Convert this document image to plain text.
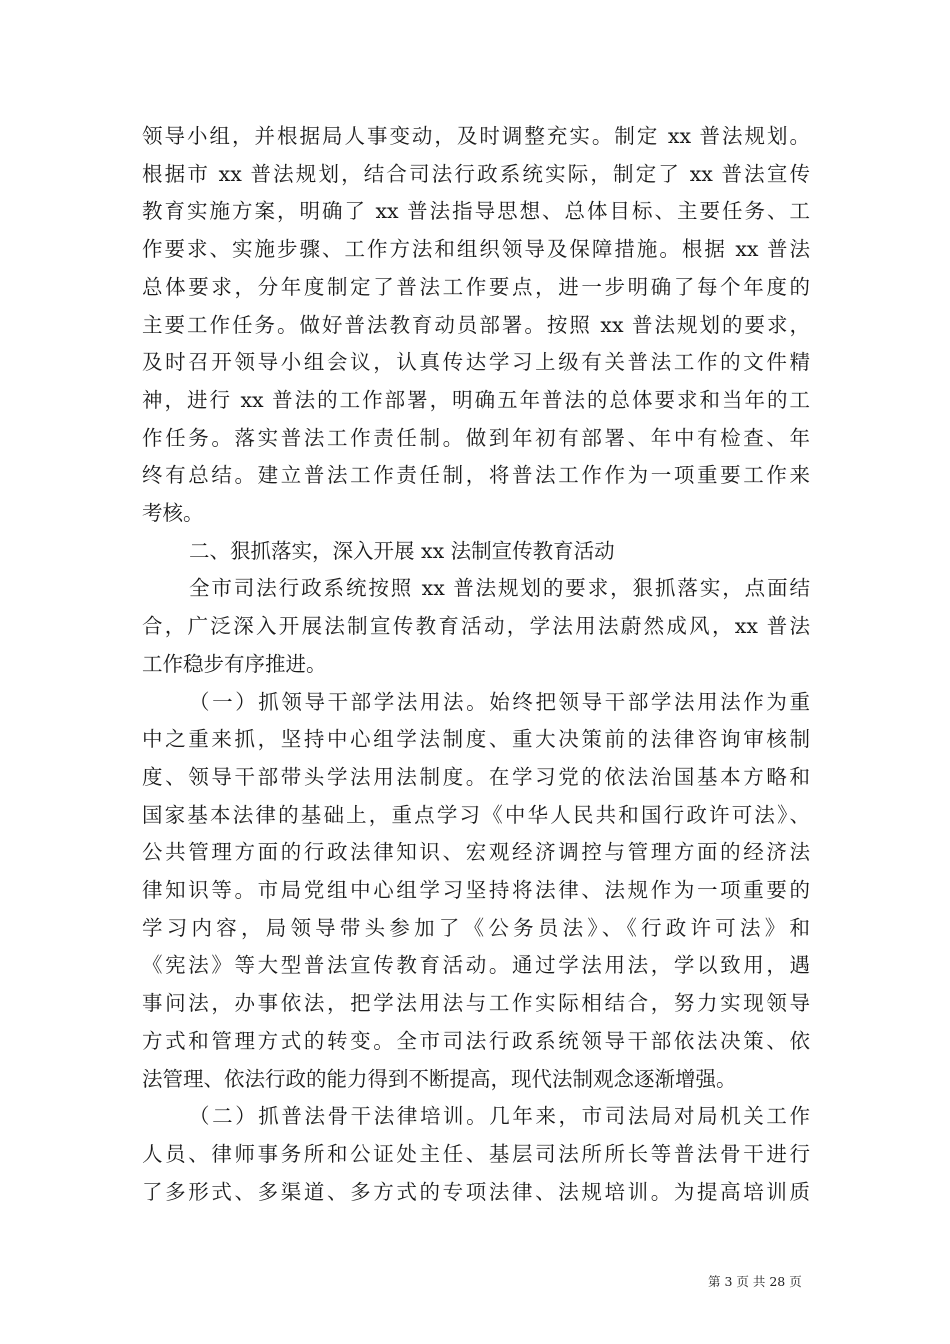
领导小组，并根据局人事变动，及时调整充实。制定 xx 普法规划。
根据市 xx 普法规划，结合司法行政系统实际，制定了 xx 普法宣传
教育实施方案，明确了 xx 普法指导思想、总体目标、主要任务、工
作要求、实施步骤、工作方法和组织领导及保障措施。根据 xx 普法
总体要求，分年度制定了普法工作要点，进一步明确了每个年度的
主要工作任务。做好普法教育动员部署。按照 xx 普法规划的要求，
及时召开领导小组会议，认真传达学习上级有关普法工作的文件精
神，进行 xx 普法的工作部署，明确五年普法的总体要求和当年的工
作任务。落实普法工作责任制。做到年初有部署、年中有检查、年
终有总结。建立普法工作责任制，将普法工作作为一项重要工作来
考核。
二、狠抓落实，深入开展 xx 法制宣传教育活动
全市司法行政系统按照 xx 普法规划的要求，狠抓落实，点面结
合，广泛深入开展法制宣传教育活动，学法用法蔚然成风，xx 普法
工作稳步有序推进。
（一）抓领导干部学法用法。始终把领导干部学法用法作为重
中之重来抓，坚持中心组学法制度、重大决策前的法律咨询审核制
度、领导干部带头学法用法制度。在学习党的依法治国基本方略和
国家基本法律的基础上，重点学习《中华人民共和国行政许可法》、
公共管理方面的行政法律知识、宏观经济调控与管理方面的经济法
律知识等。市局党组中心组学习坚持将法律、法规作为一项重要的
学习内容，局领导带头参加了《公务员法》、《行政许可法》和
《宪法》等大型普法宣传教育活动。通过学法用法，学以致用，遇
事问法，办事依法，把学法用法与工作实际相结合，努力实现领导
方式和管理方式的转变。全市司法行政系统领导干部依法决策、依
法管理、依法行政的能力得到不断提高，现代法制观念逐渐增强。
（二）抓普法骨干法律培训。几年来，市司法局对局机关工作
人员、律师事务所和公证处主任、基层司法所所长等普法骨干进行
了多形式、多渠道、多方式的专项法律、法规培训。为提高培训质
第 3 页 共 28 页
